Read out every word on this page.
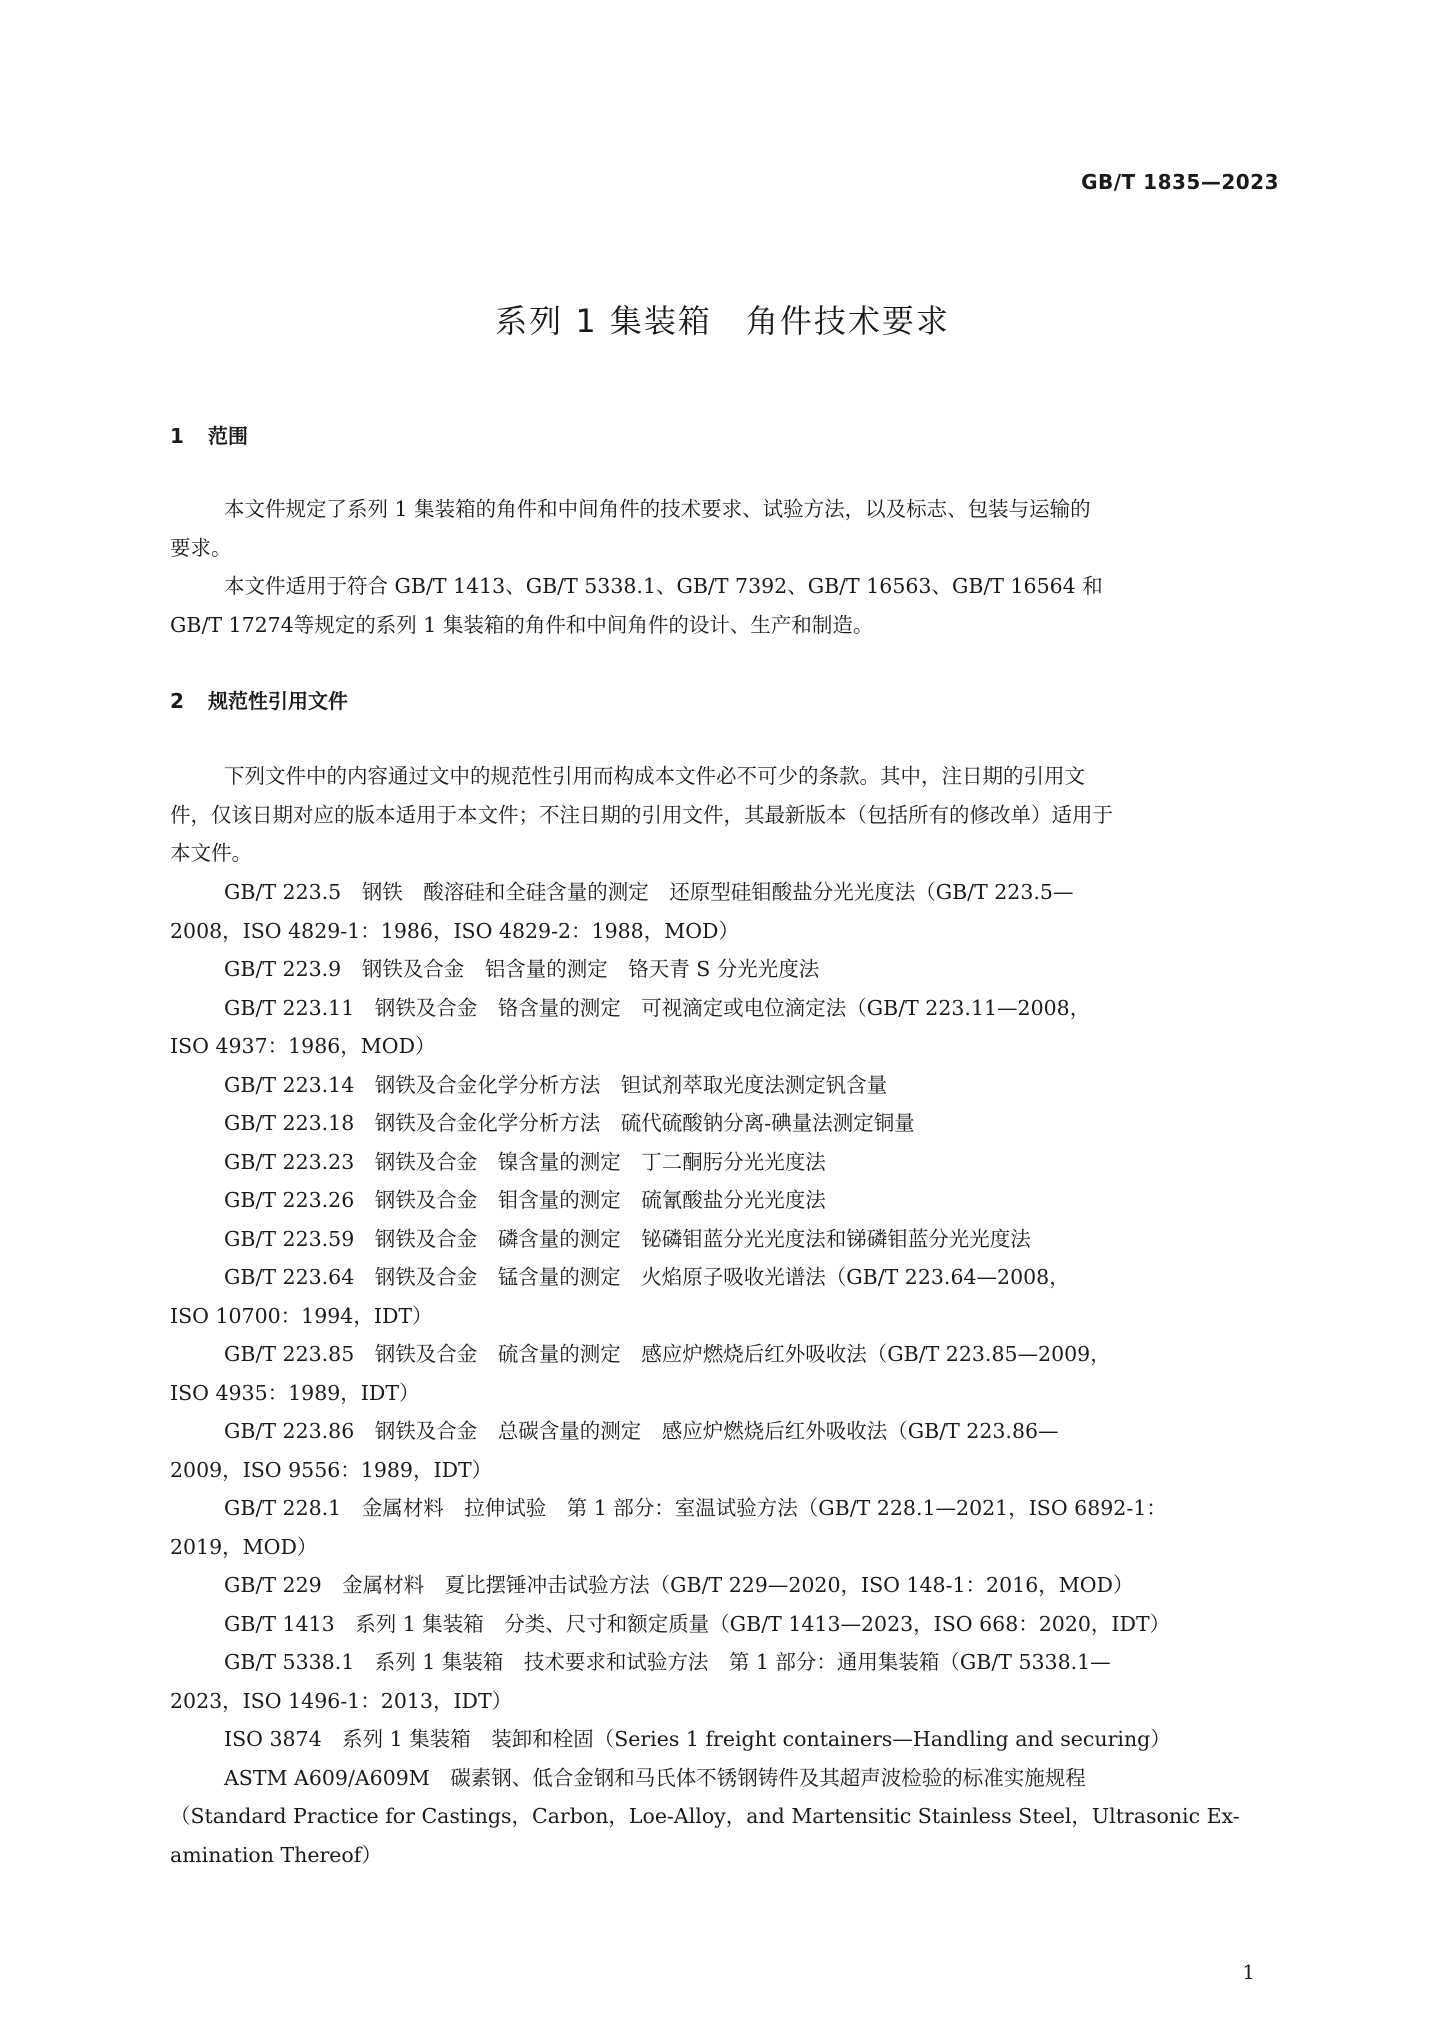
GB/T 1835—2023
系列 1 集装箱　角件技术要求
1 范围
本文件规定了系列 1 集装箱的角件和中间角件的技术要求、试验方法，以及标志、包装与运输的
要求。
本文件适用于符合 GB/T 1413、GB/T 5338.1、GB/T 7392、GB/T 16563、GB/T 16564 和
GB/T 17274等规定的系列 1 集装箱的角件和中间角件的设计、生产和制造。
2 规范性引用文件
下列文件中的内容通过文中的规范性引用而构成本文件必不可少的条款。其中，注日期的引用文
件，仅该日期对应的版本适用于本文件；不注日期的引用文件，其最新版本（包括所有的修改单）适用于
本文件。
GB/T 223.5　钢铁　酸溶硅和全硅含量的测定　还原型硅钼酸盐分光光度法（GB/T 223.5—
2008，ISO 4829-1：1986，ISO 4829-2：1988，MOD）
GB/T 223.9　钢铁及合金　铝含量的测定　铬天青 S 分光光度法
GB/T 223.11　钢铁及合金　铬含量的测定　可视滴定或电位滴定法（GB/T 223.11—2008，
ISO 4937：1986，MOD）
GB/T 223.14　钢铁及合金化学分析方法　钽试剂萃取光度法测定钒含量
GB/T 223.18　钢铁及合金化学分析方法　硫代硫酸钠分离-碘量法测定铜量
GB/T 223.23　钢铁及合金　镍含量的测定　丁二酮肟分光光度法
GB/T 223.26　钢铁及合金　钼含量的测定　硫氰酸盐分光光度法
GB/T 223.59　钢铁及合金　磷含量的测定　铋磷钼蓝分光光度法和锑磷钼蓝分光光度法
GB/T 223.64　钢铁及合金　锰含量的测定　火焰原子吸收光谱法（GB/T 223.64—2008，
ISO 10700：1994，IDT）
GB/T 223.85　钢铁及合金　硫含量的测定　感应炉燃烧后红外吸收法（GB/T 223.85—2009，
ISO 4935：1989，IDT）
GB/T 223.86　钢铁及合金　总碳含量的测定　感应炉燃烧后红外吸收法（GB/T 223.86—
2009，ISO 9556：1989，IDT）
GB/T 228.1　金属材料　拉伸试验　第 1 部分：室温试验方法（GB/T 228.1—2021，ISO 6892-1：
2019，MOD）
GB/T 229　金属材料　夏比摆锤冲击试验方法（GB/T 229—2020，ISO 148-1：2016，MOD）
GB/T 1413　系列 1 集装箱　分类、尺寸和额定质量（GB/T 1413—2023，ISO 668：2020，IDT）
GB/T 5338.1　系列 1 集装箱　技术要求和试验方法　第 1 部分：通用集装箱（GB/T 5338.1—
2023，ISO 1496-1：2013，IDT）
ISO 3874　系列 1 集装箱　装卸和栓固（Series 1 freight containers—Handling and securing）
ASTM A609/A609M　碳素钢、低合金钢和马氏体不锈钢铸件及其超声波检验的标准实施规程
（Standard Practice for Castings，Carbon，Loe-Alloy，and Martensitic Stainless Steel，Ultrasonic Ex-
amination Thereof）
1
